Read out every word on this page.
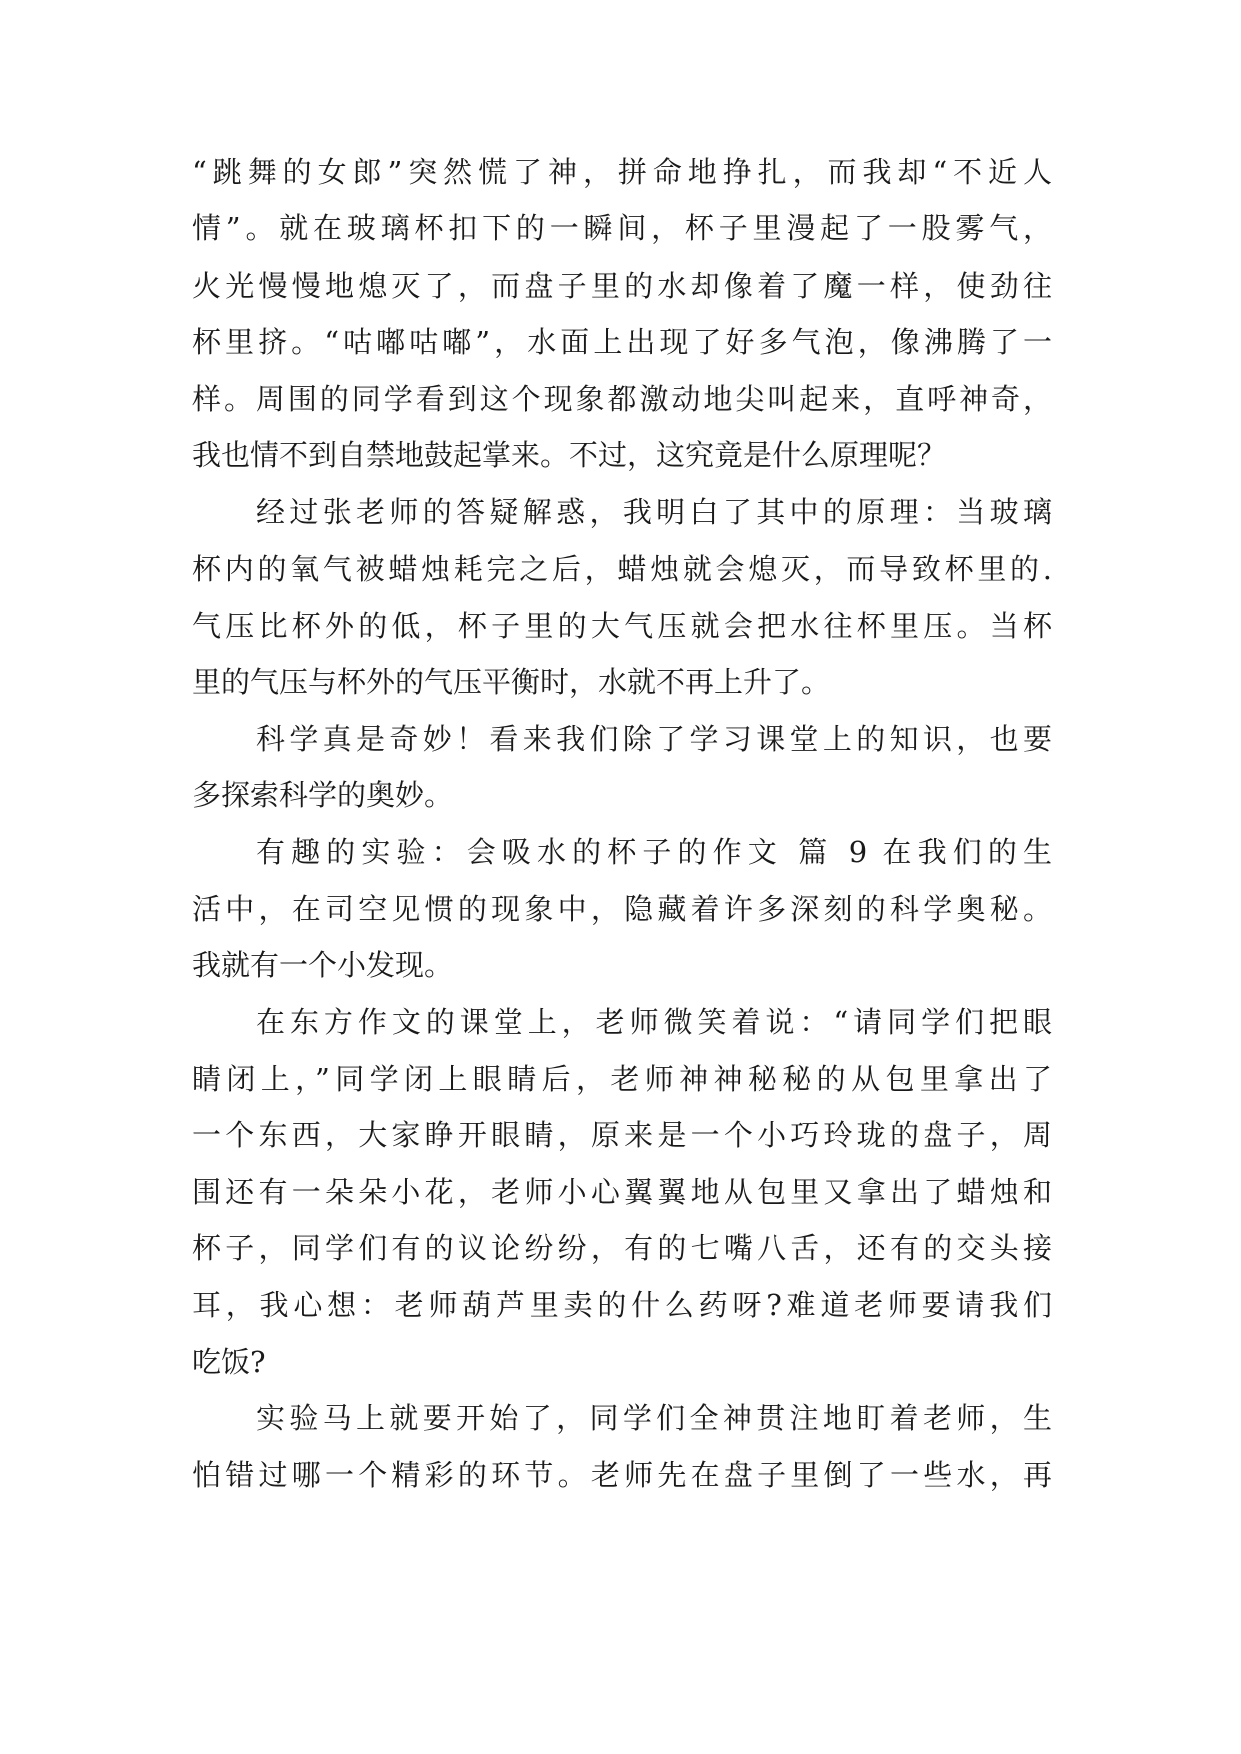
“跳舞的女郎”突然慌了神，拼命地挣扎，而我却“不近人
情”。就在玻璃杯扣下的一瞬间，杯子里漫起了一股雾气，
火光慢慢地熄灭了，而盘子里的水却像着了魔一样，使劲往
杯里挤。“咕嘟咕嘟”，水面上出现了好多气泡，像沸腾了一
样。周围的同学看到这个现象都激动地尖叫起来，直呼神奇，
我也情不到自禁地鼓起掌来。不过，这究竟是什么原理呢？
经过张老师的答疑解惑，我明白了其中的原理：当玻璃
杯内的氧气被蜡烛耗完之后，蜡烛就会熄灭，而导致杯里的.
气压比杯外的低，杯子里的大气压就会把水往杯里压。当杯
里的气压与杯外的气压平衡时，水就不再上升了。
科学真是奇妙！看来我们除了学习课堂上的知识，也要
多探索科学的奥妙。
有趣的实验：会吸水的杯子的作文 篇 9 在我们的生
活中，在司空见惯的现象中，隐藏着许多深刻的科学奥秘。
我就有一个小发现。
在东方作文的课堂上，老师微笑着说：“请同学们把眼
睛闭上，”同学闭上眼睛后，老师神神秘秘的从包里拿出了
一个东西，大家睁开眼睛，原来是一个小巧玲珑的盘子，周
围还有一朵朵小花，老师小心翼翼地从包里又拿出了蜡烛和
杯子，同学们有的议论纷纷，有的七嘴八舌，还有的交头接
耳，我心想：老师葫芦里卖的什么药呀?难道老师要请我们
吃饭?
实验马上就要开始了，同学们全神贯注地盯着老师，生
怕错过哪一个精彩的环节。老师先在盘子里倒了一些水，再
